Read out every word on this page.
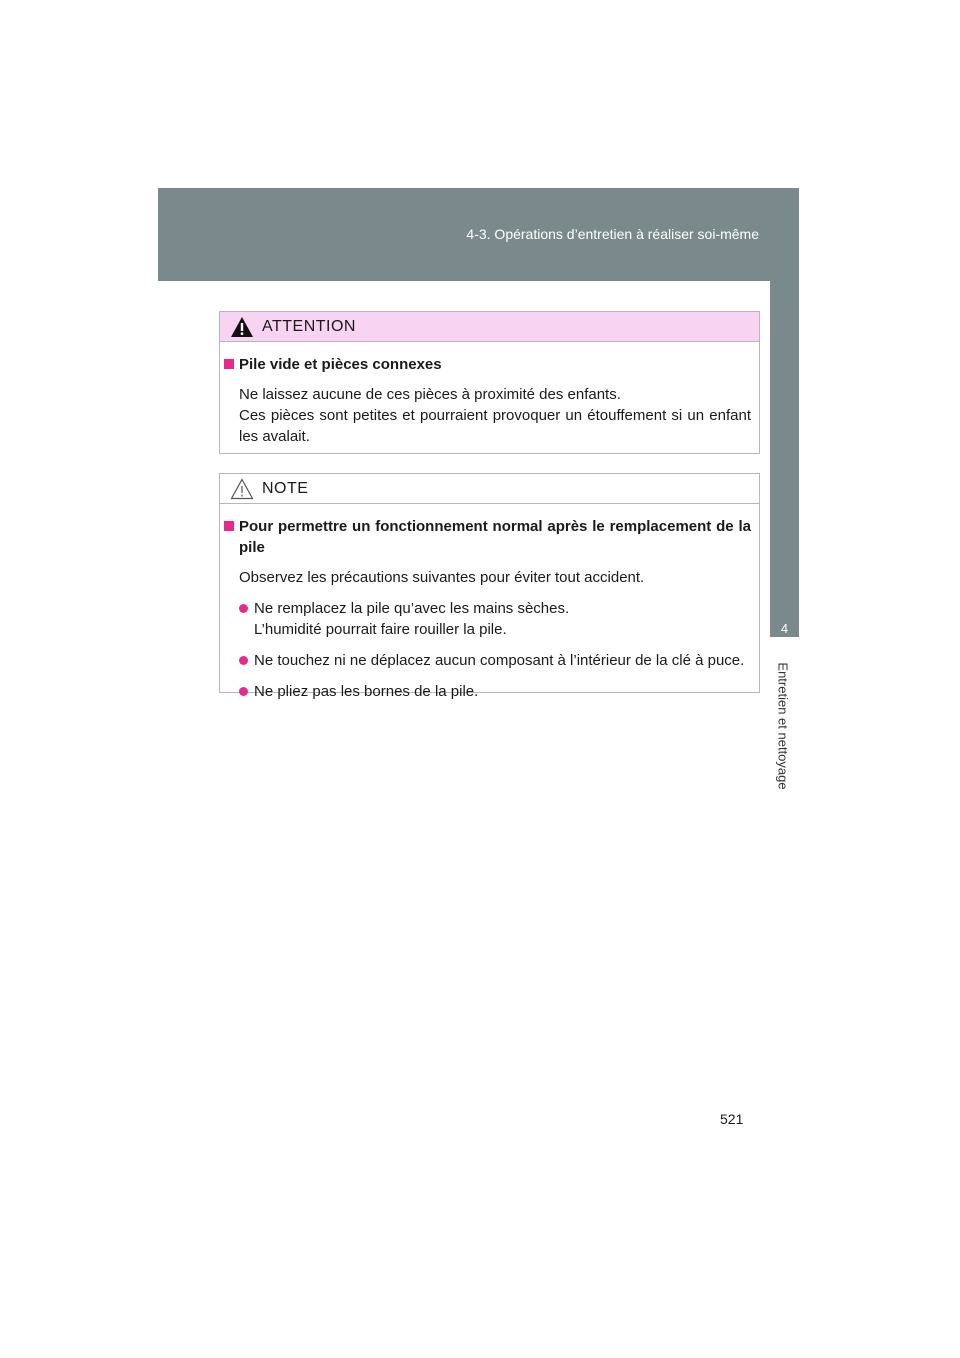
4-3. Opérations d’entretien à réaliser soi-même
4
Entretien et nettoyage
ATTENTION
Pile vide et pièces connexes
Ne laissez aucune de ces pièces à proximité des enfants.
Ces pièces sont petites et pourraient provoquer un étouffement si un enfant les avalait.
NOTE
Pour permettre un fonctionnement normal après le remplacement de la pile
Observez les précautions suivantes pour éviter tout accident.
Ne remplacez la pile qu’avec les mains sèches.
L’humidité pourrait faire rouiller la pile.
Ne touchez ni ne déplacez aucun composant à l’intérieur de la clé à puce.
Ne pliez pas les bornes de la pile.
521
